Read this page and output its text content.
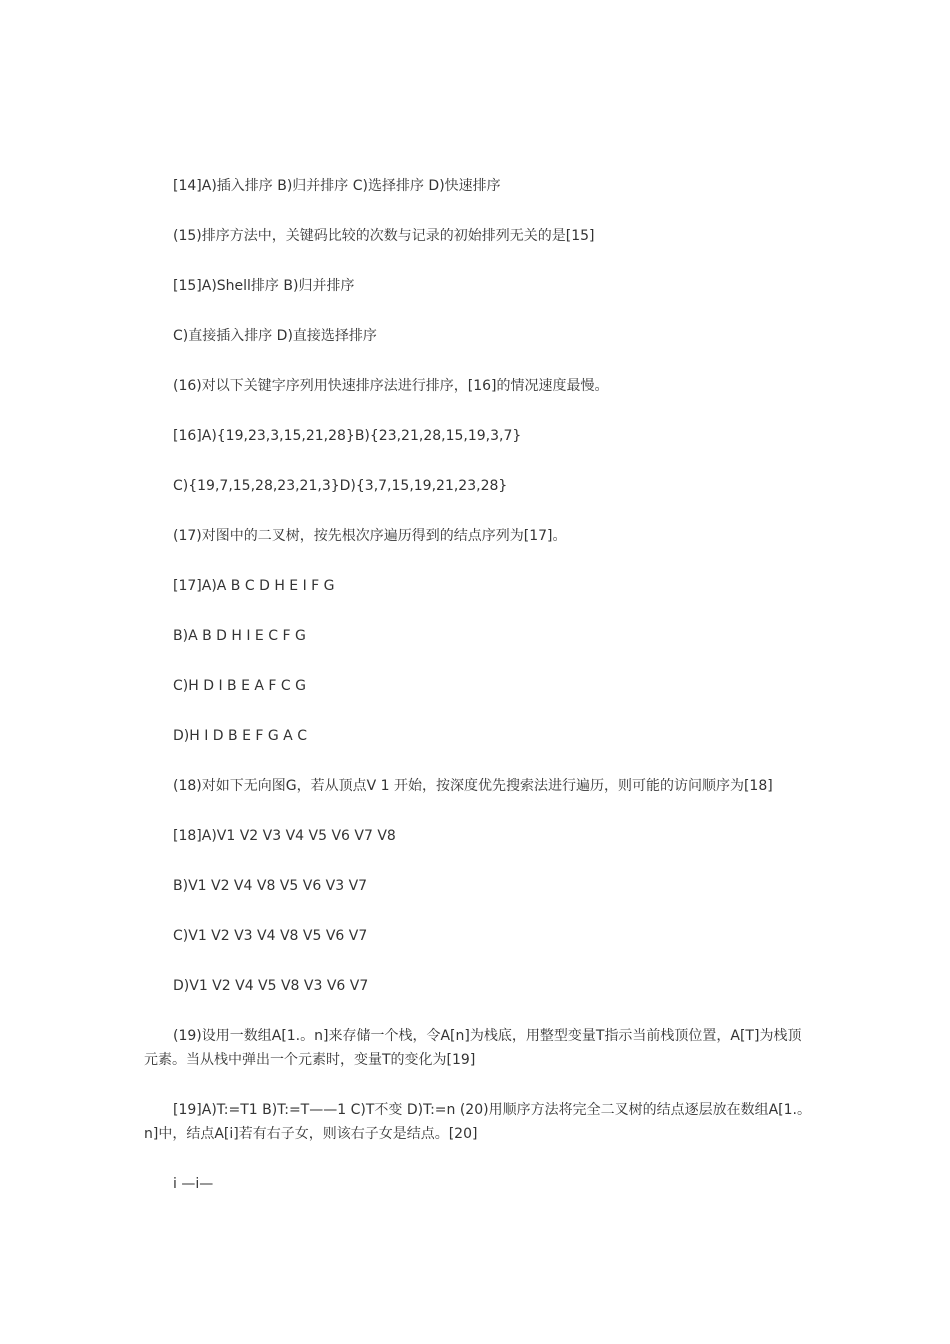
[14]A)插入排序 B)归并排序 C)选择排序 D)快速排序

(15)排序方法中，关键码比较的次数与记录的初始排列无关的是[15]

[15]A)Shell排序 B)归并排序

C)直接插入排序 D)直接选择排序

(16)对以下关键字序列用快速排序法进行排序，[16]的情况速度最慢。

[16]A){19,23,3,15,21,28}B){23,21,28,15,19,3,7}

C){19,7,15,28,23,21,3}D){3,7,15,19,21,23,28}

(17)对图中的二叉树，按先根次序遍历得到的结点序列为[17]。

[17]A)A B C D H E I F G

B)A B D H I E C F G

C)H D I B E A F C G

D)H I D B E F G A C

(18)对如下无向图G，若从顶点V 1 开始，按深度优先搜索法进行遍历，则可能的访问顺序为[18]

[18]A)V1 V2 V3 V4 V5 V6 V7 V8

B)V1 V2 V4 V8 V5 V6 V3 V7

C)V1 V2 V3 V4 V8 V5 V6 V7

D)V1 V2 V4 V5 V8 V3 V6 V7

(19)设用一数组A[1.。n]来存储一个栈，令A[n]为栈底，用整型变量T指示当前栈顶位置，A[T]为栈顶元素。当从栈中弹出一个元素时，变量T的变化为[19]

[19]A)T:=T1 B)T:=T——1 C)T不变 D)T:=n (20)用顺序方法将完全二叉树的结点逐层放在数组A[1.。n]中，结点A[i]若有右子女，则该右子女是结点。[20]

i —i—
